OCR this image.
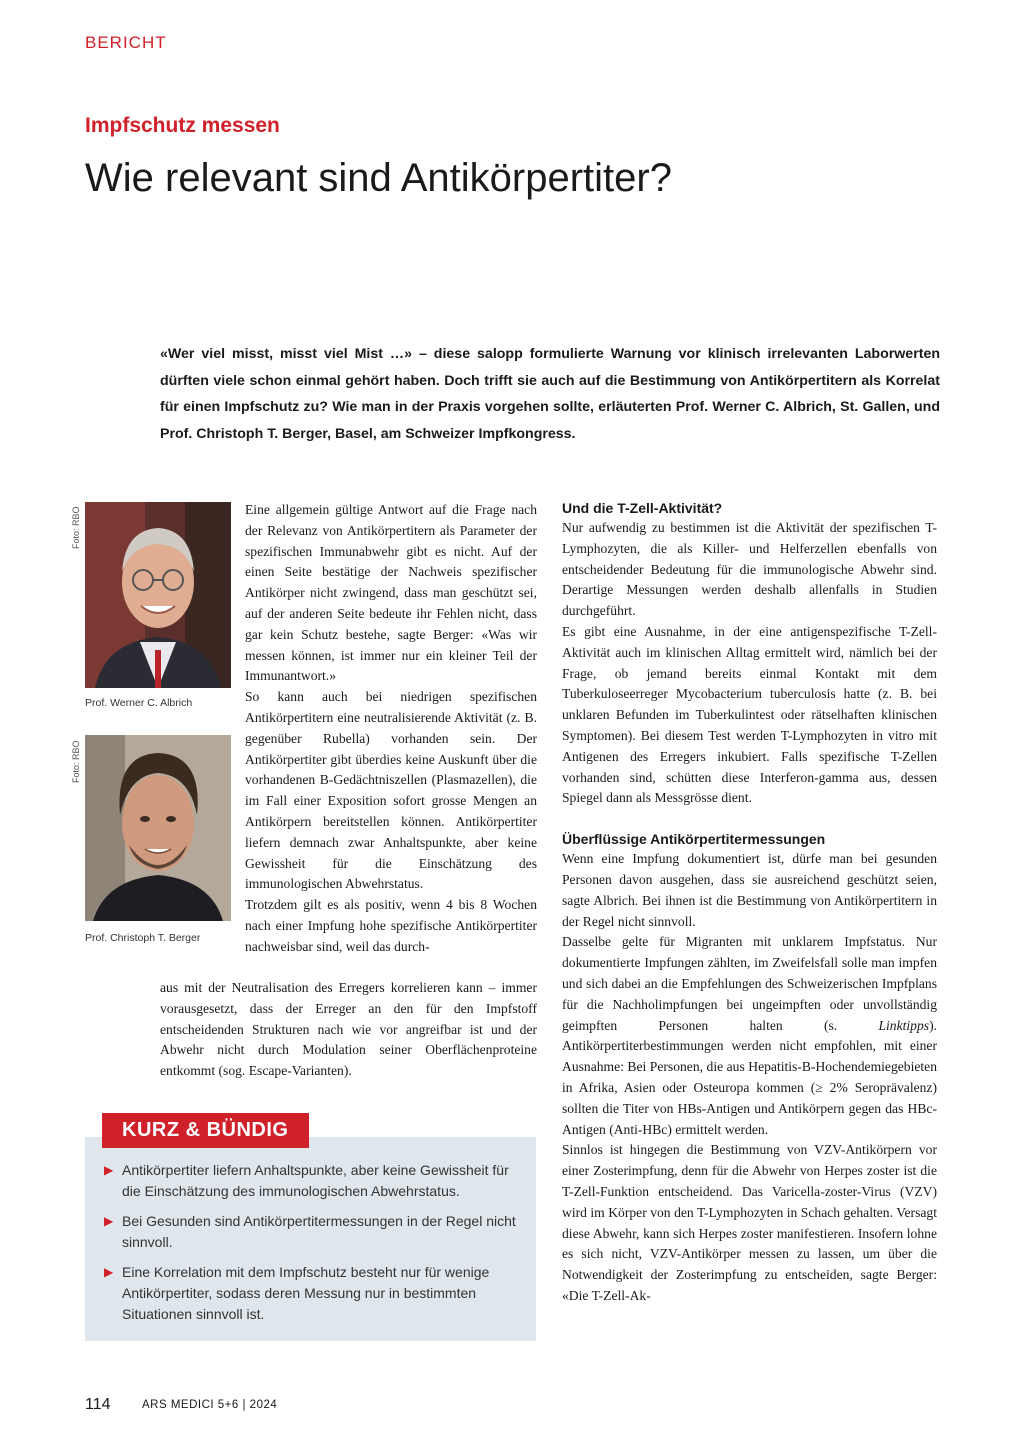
BERICHT
Impfschutz messen
Wie relevant sind Antikörpertiter?

«Wer viel misst, misst viel Mist …» – diese salopp formulierte Warnung vor klinisch irrelevanten Laborwerten dürften viele schon einmal gehört haben. Doch trifft sie auch auf die Bestimmung von Antikörpertitern als Korrelat für einen Impfschutz zu? Wie man in der Praxis vorgehen sollte, erläuterten Prof. Werner C. Albrich, St. Gallen, und Prof. Christoph T. Berger, Basel, am Schweizer Impfkongress.

Foto: RBO
Prof. Werner C. Albrich
Foto: RBO
Prof. Christoph T. Berger

Eine allgemein gültige Antwort auf die Frage nach der Relevanz von Antikörpertitern als Parameter der spezifischen Immunabwehr gibt es nicht. Auf der einen Seite bestätige der Nachweis spezifischer Antikörper nicht zwingend, dass man geschützt sei, auf der anderen Seite bedeute ihr Fehlen nicht, dass gar kein Schutz bestehe, sagte Berger: «Was wir messen können, ist immer nur ein kleiner Teil der Immunantwort.»

So kann auch bei niedrigen spezifischen Antikörpertitern eine neutralisierende Aktivität (z. B. gegenüber Rubella) vorhanden sein. Der Antikörpertiter gibt überdies keine Auskunft über die vorhandenen B-Gedächtniszellen (Plasmazellen), die im Fall einer Exposition sofort grosse Mengen an Antikörpern bereitstellen können. Antikörpertiter liefern demnach zwar Anhaltspunkte, aber keine Gewissheit für die Einschätzung des immunologischen Abwehrstatus.

Trotzdem gilt es als positiv, wenn 4 bis 8 Wochen nach einer Impfung hohe spezifische Antikörpertiter nachweisbar sind, weil das durch-

aus mit der Neutralisation des Erregers korrelieren kann – immer vorausgesetzt, dass der Erreger an den für den Impfstoff entscheidenden Strukturen nach wie vor angreifbar ist und der Abwehr nicht durch Modulation seiner Oberflächenproteine entkommt (sog. Escape-Varianten).

KURZ & BÜNDIG
▶ Antikörpertiter liefern Anhaltspunkte, aber keine Gewissheit für die Einschätzung des immunologischen Abwehrstatus.
▶ Bei Gesunden sind Antikörpertitermessungen in der Regel nicht sinnvoll.
▶ Eine Korrelation mit dem Impfschutz besteht nur für wenige Antikörpertiter, sodass deren Messung nur in bestimmten Situationen sinnvoll ist.
Und die T-Zell-Aktivität?

Nur aufwendig zu bestimmen ist die Aktivität der spezifischen T-Lymphozyten, die als Killer- und Helferzellen ebenfalls von entscheidender Bedeutung für die immunologische Abwehr sind. Derartige Messungen werden deshalb allenfalls in Studien durchgeführt.

Es gibt eine Ausnahme, in der eine antigenspezifische T-Zell-Aktivität auch im klinischen Alltag ermittelt wird, nämlich bei der Frage, ob jemand bereits einmal Kontakt mit dem Tuberkuloseerreger Mycobacterium tuberculosis hatte (z. B. bei unklaren Befunden im Tuberkulintest oder rätselhaften klinischen Symptomen). Bei diesem Test werden T-Lymphozyten in vitro mit Antigenen des Erregers inkubiert. Falls spezifische T-Zellen vorhanden sind, schütten diese Interferon-gamma aus, dessen Spiegel dann als Messgrösse dient.

Überflüssige Antikörpertitermessungen

Wenn eine Impfung dokumentiert ist, dürfe man bei gesunden Personen davon ausgehen, dass sie ausreichend geschützt seien, sagte Albrich. Bei ihnen ist die Bestimmung von Antikörpertitern in der Regel nicht sinnvoll.

Dasselbe gelte für Migranten mit unklarem Impfstatus. Nur dokumentierte Impfungen zählten, im Zweifelsfall solle man impfen und sich dabei an die Empfehlungen des Schweizerischen Impfplans für die Nachholimpfungen bei ungeimpften oder unvollständig geimpften Personen halten (s. Linktipps). Antikörpertiterbestimmungen werden nicht empfohlen, mit einer Ausnahme: Bei Personen, die aus Hepatitis-B-Hochendemiegebieten in Afrika, Asien oder Osteuropa kommen (≥ 2% Seroprävalenz) sollten die Titer von HBs-Antigen und Antikörpern gegen das HBc-Antigen (Anti-HBc) ermittelt werden.

Sinnlos ist hingegen die Bestimmung von VZV-Antikörpern vor einer Zosterimpfung, denn für die Abwehr von Herpes zoster ist die T-Zell-Funktion entscheidend. Das Varicella-zoster-Virus (VZV) wird im Körper von den T-Lymphozyten in Schach gehalten. Versagt diese Abwehr, kann sich Herpes zoster manifestieren. Insofern lohne es sich nicht, VZV-Antikörper messen zu lassen, um über die Notwendigkeit der Zosterimpfung zu entscheiden, sagte Berger: «Die T-Zell-Ak-

114	ARS MEDICI 5+6 | 2024
